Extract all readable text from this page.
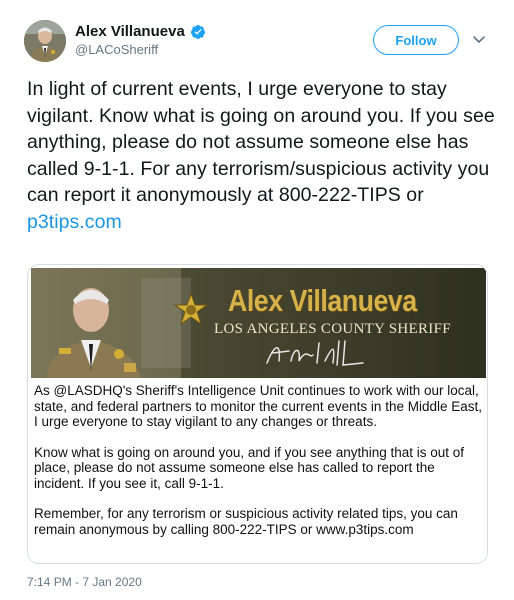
Alex Villanueva
@LACoSheriff
Follow
In light of current events, I urge everyone to stay vigilant. Know what is going on around you. If you see anything, please do not assume someone else has called 9-1-1. For any terrorism/suspicious activity you can report it anonymously at 800-222-TIPS or p3tips.com
Alex Villanueva
LOS ANGELES COUNTY SHERIFF

As @LASDHQ's Sheriff's Intelligence Unit continues to work with our local, state, and federal partners to monitor the current events in the Middle East, I urge everyone to stay vigilant to any changes or threats.

Know what is going on around you, and if you see anything that is out of place, please do not assume someone else has called to report the incident. If you see it, call 9-1-1.

Remember, for any terrorism or suspicious activity related tips, you can remain anonymous by calling 800-222-TIPS or www.p3tips.com

7:14 PM - 7 Jan 2020
